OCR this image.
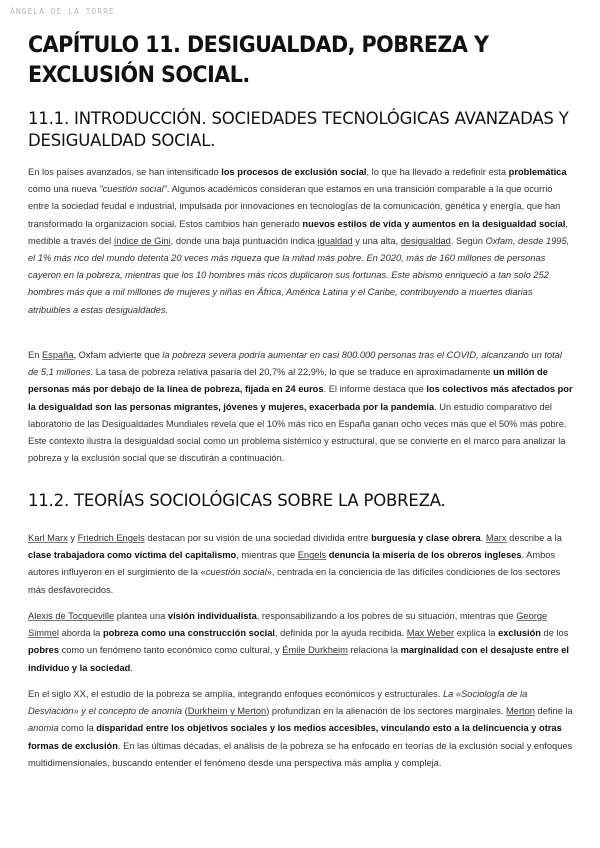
ÁNGELA DE LA TORRE
CAPÍTULO 11. DESIGUALDAD, POBREZA Y EXCLUSIÓN SOCIAL.
11.1. INTRODUCCIÓN. SOCIEDADES TECNOLÓGICAS AVANZADAS Y DESIGUALDAD SOCIAL.

En los países avanzados, se han intensificado los procesos de exclusión social, lo que ha llevado a redefinir esta problemática como una nueva "cuestión social". Algunos académicos consideran que estamos en una transición comparable a la que ocurrió entre la sociedad feudal e industrial, impulsada por innovaciones en tecnologías de la comunicación, genética y energía, que han transformado la organización social. Estos cambios han generado nuevos estilos de vida y aumentos en la desigualdad social, medible a través del índice de Gini, donde una baja puntuación indica igualdad y una alta, desigualdad. Según Oxfam, desde 1995, el 1% más rico del mundo detenta 20 veces más riqueza que la mitad más pobre. En 2020, más de 160 millones de personas cayeron en la pobreza, mientras que los 10 hombres más ricos duplicaron sus fortunas. Este abismo enriqueció a tan solo 252 hombres más que a mil millones de mujeres y niñas en África, América Latina y el Caribe, contribuyendo a muertes diarias atribuibles a estas desigualdades.

En España, Oxfam advierte que la pobreza severa podría aumentar en casi 800.000 personas tras el COVID, alcanzando un total de 5,1 millones. La tasa de pobreza relativa pasaría del 20,7% al 22,9%, lo que se traduce en aproximadamente un millón de personas más por debajo de la línea de pobreza, fijada en 24 euros. El informe destaca que los colectivos más afectados por la desigualdad son las personas migrantes, jóvenes y mujeres, exacerbada por la pandemia. Un estudio comparativo del laboratorio de las Desigualdades Mundiales revela que el 10% más rico en España ganan ocho veces más que el 50% más pobre. Este contexto ilustra la desigualdad social como un problema sistémico y estructural, que se convierte en el marco para analizar la pobreza y la exclusión social que se discutirán a continuación.

11.2. TEORÍAS SOCIOLÓGICAS SOBRE LA POBREZA.

Karl Marx y Friedrich Engels destacan por su visión de una sociedad dividida entre burguesía y clase obrera. Marx describe a la clase trabajadora como víctima del capitalismo, mientras que Engels denuncia la miseria de los obreros ingleses. Ambos autores influyeron en el surgimiento de la «cuestión social», centrada en la conciencia de las difíciles condiciones de los sectores más desfavorecidos.

Alexis de Tocqueville plantea una visión individualista, responsabilizando a los pobres de su situación, mientras que George Simmel aborda la pobreza como una construcción social, definida por la ayuda recibida. Max Weber explica la exclusión de los pobres como un fenómeno tanto económico como cultural, y Émile Durkheim relaciona la marginalidad con el desajuste entre el individuo y la sociedad.

En el siglo XX, el estudio de la pobreza se amplía, integrando enfoques económicos y estructurales. La «Sociología de la Desviación» y el concepto de anomia (Durkheim y Merton) profundizan en la alienación de los sectores marginales. Merton define la anomia como la disparidad entre los objetivos sociales y los medios accesibles, vinculando esto a la delincuencia y otras formas de exclusión. En las últimas décadas, el análisis de la pobreza se ha enfocado en teorías de la exclusión social y enfoques multidimensionales, buscando entender el fenómeno desde una perspectiva más amplia y compleja.
